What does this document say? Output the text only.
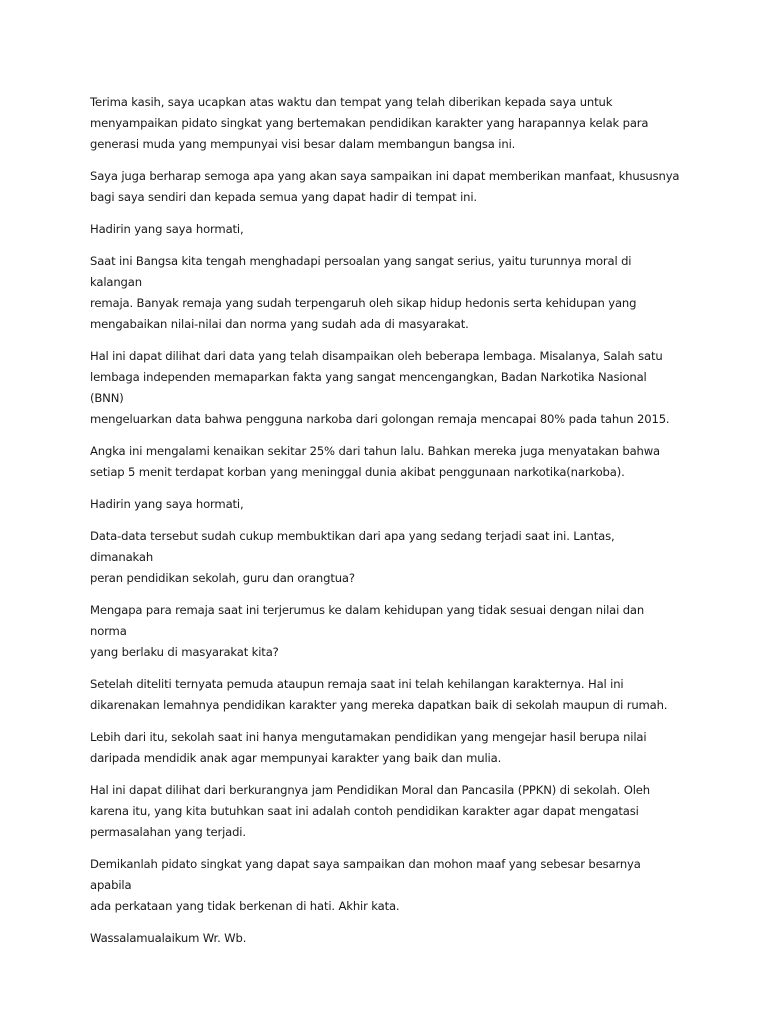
Terima kasih, saya ucapkan atas waktu dan tempat yang telah diberikan kepada saya untuk
menyampaikan pidato singkat yang bertemakan pendidikan karakter yang harapannya kelak para
generasi muda yang mempunyai visi besar dalam membangun bangsa ini.

Saya juga berharap semoga apa yang akan saya sampaikan ini dapat memberikan manfaat, khususnya
bagi saya sendiri dan kepada semua yang dapat hadir di tempat ini.

Hadirin yang saya hormati,

Saat ini Bangsa kita tengah menghadapi persoalan yang sangat serius, yaitu turunnya moral di kalangan
remaja. Banyak remaja yang sudah terpengaruh oleh sikap hidup hedonis serta kehidupan yang
mengabaikan nilai-nilai dan norma yang sudah ada di masyarakat.

Hal ini dapat dilihat dari data yang telah disampaikan oleh beberapa lembaga. Misalanya, Salah satu
lembaga independen memaparkan fakta yang sangat mencengangkan, Badan Narkotika Nasional (BNN)
mengeluarkan data bahwa pengguna narkoba dari golongan remaja mencapai 80% pada tahun 2015.

Angka ini mengalami kenaikan sekitar 25% dari tahun lalu. Bahkan mereka juga menyatakan bahwa
setiap 5 menit terdapat korban yang meninggal dunia akibat penggunaan narkotika(narkoba).

Hadirin yang saya hormati,

Data-data tersebut sudah cukup membuktikan dari apa yang sedang terjadi saat ini. Lantas, dimanakah
peran pendidikan sekolah, guru dan orangtua?

Mengapa para remaja saat ini terjerumus ke dalam kehidupan yang tidak sesuai dengan nilai dan norma
yang berlaku di masyarakat kita?

Setelah diteliti ternyata pemuda ataupun remaja saat ini telah kehilangan karakternya. Hal ini
dikarenakan lemahnya pendidikan karakter yang mereka dapatkan baik di sekolah maupun di rumah.

Lebih dari itu, sekolah saat ini hanya mengutamakan pendidikan yang mengejar hasil berupa nilai
daripada mendidik anak agar mempunyai karakter yang baik dan mulia.

Hal ini dapat dilihat dari berkurangnya jam Pendidikan Moral dan Pancasila (PPKN) di sekolah. Oleh
karena itu, yang kita butuhkan saat ini adalah contoh pendidikan karakter agar dapat mengatasi
permasalahan yang terjadi.

Demikanlah pidato singkat yang dapat saya sampaikan dan mohon maaf yang sebesar besarnya apabila
ada perkataan yang tidak berkenan di hati. Akhir kata.

Wassalamualaikum Wr. Wb.
